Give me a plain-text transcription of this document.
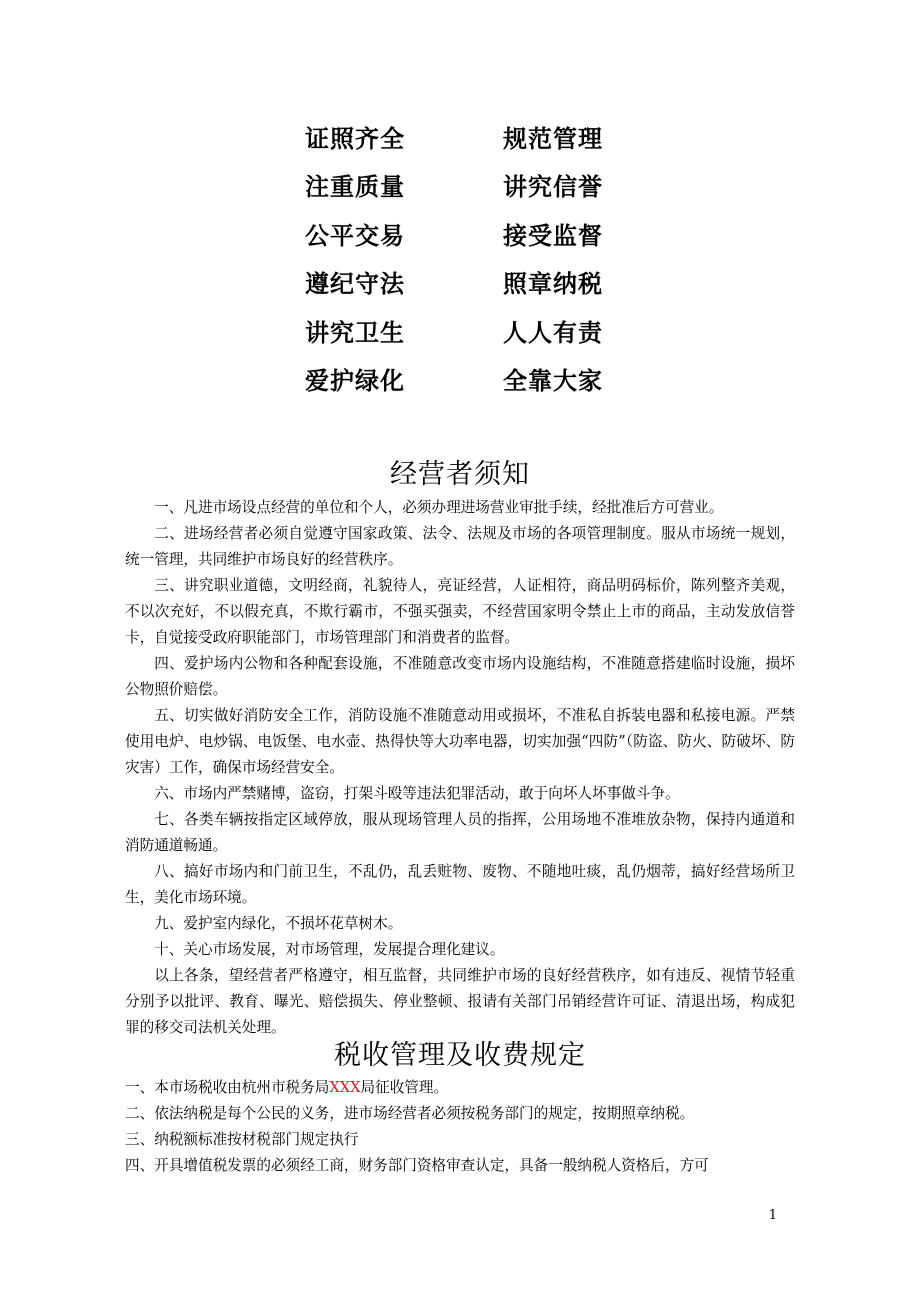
证照齐全	规范管理
注重质量	讲究信誉
公平交易	接受监督
遵纪守法	照章纳税
讲究卫生	人人有责
爱护绿化	全靠大家
经营者须知

一、凡进市场设点经营的单位和个人，必须办理进场营业审批手续，经批准后方可营业。

二、进场经营者必须自觉遵守国家政策、法令、法规及市场的各项管理制度。服从市场统一规划，统一管理，共同维护市场良好的经营秩序。

三、讲究职业道德，文明经商，礼貌待人，亮证经营，人证相符，商品明码标价，陈列整齐美观，不以次充好，不以假充真，不欺行霸市，不强买强卖，不经营国家明令禁止上市的商品，主动发放信誉卡，自觉接受政府职能部门，市场管理部门和消费者的监督。

四、爱护场内公物和各种配套设施，不准随意改变市场内设施结构，不准随意搭建临时设施，损坏公物照价赔偿。

五、切实做好消防安全工作，消防设施不准随意动用或损坏，不准私自拆装电器和私接电源。严禁使用电炉、电炒锅、电饭堡、电水壶、热得快等大功率电器，切实加强“四防”（防盗、防火、防破坏、防灾害）工作，确保市场经营安全。

六、市场内严禁赌博，盗窃，打架斗殴等违法犯罪活动，敢于向坏人坏事做斗争。

七、各类车辆按指定区域停放，服从现场管理人员的指挥，公用场地不准堆放杂物，保持内通道和消防通道畅通。

八、搞好市场内和门前卫生，不乱仍，乱丢赃物、废物、不随地吐痰，乱仍烟蒂，搞好经营场所卫生，美化市场环境。

九、爱护室内绿化，不损坏花草树木。

十、关心市场发展，对市场管理，发展提合理化建议。

以上各条，望经营者严格遵守，相互监督，共同维护市场的良好经营秩序，如有违反、视情节轻重分别予以批评、教育、曝光、赔偿损失、停业整顿、报请有关部门吊销经营许可证、清退出场，构成犯罪的移交司法机关处理。

税收管理及收费规定

一、本市场税收由杭州市税务局XXX局征收管理。

二、依法纳税是每个公民的义务，进市场经营者必须按税务部门的规定，按期照章纳税。

三、纳税额标准按材税部门规定执行

四、开具增值税发票的必须经工商，财务部门资格审查认定，具备一般纳税人资格后，方可

1
